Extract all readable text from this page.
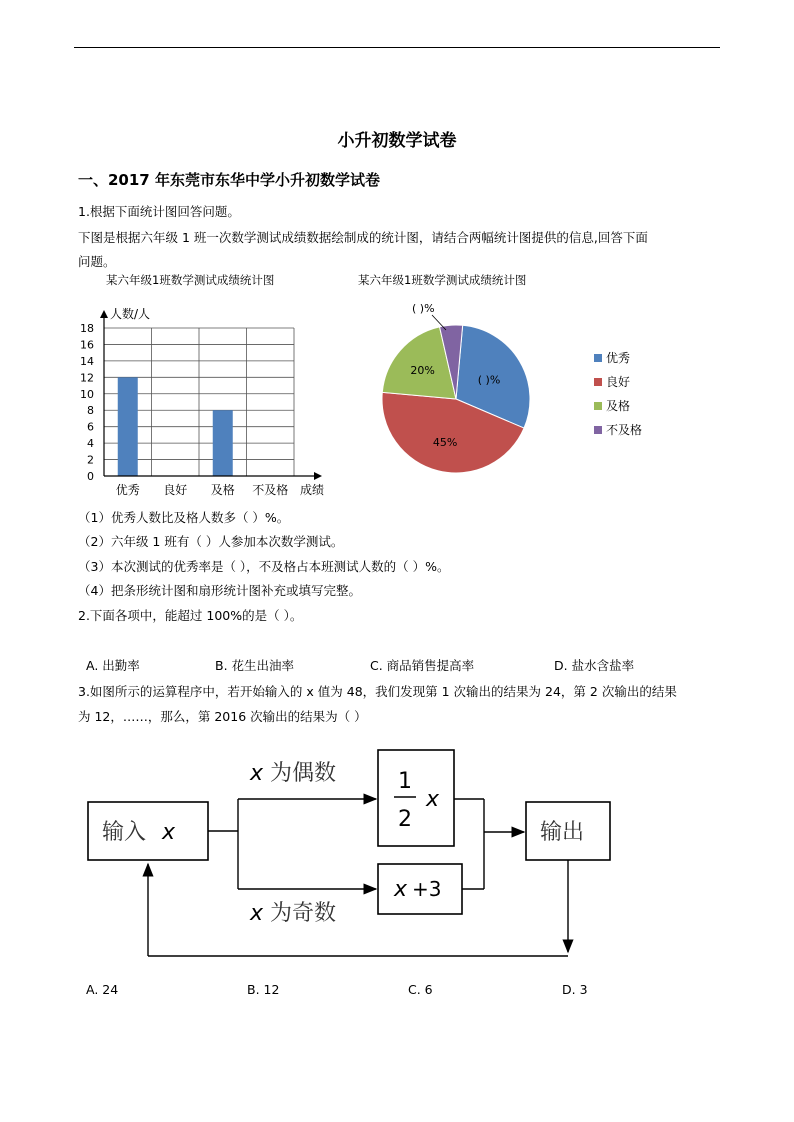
小升初数学试卷
一、2017 年东莞市东华中学小升初数学试卷
1.根据下面统计图回答问题。
下图是根据六年级 1 班一次数学测试成绩数据绘制成的统计图，请结合两幅统计图提供的信息,回答下面
问题。
某六年级1班数学测试成绩统计图
0
2
4
6
8
10
12
14
16
18
优秀 良好 及格 不及格
人数/人
成绩
某六年级1班数学测试成绩统计图
( )%
45%
20%
( )%
优秀
良好
及格
不及格
（1）优秀人数比及格人数多（ ）%。
（2）六年级 1 班有（ ）人参加本次数学测试。
（3）本次测试的优秀率是（ ），不及格占本班测试人数的（ ）%。
（4）把条形统计图和扇形统计图补充或填写完整。
2.下面各项中，能超过 100%的是（ ）。
A. 出勤率	B. 花生出油率	C. 商品销售提高率	D. 盐水含盐率
3.如图所示的运算程序中，若开始输入的 x 值为 48，我们发现第 1 次输出的结果为 24，第 2 次输出的结果
为 12，……，那么，第 2016 次输出的结果为（ ）
输入 x
x 为偶数
x 为奇数
1
2
x
x +3
输出
A. 24	B. 12	C. 6	D. 3
